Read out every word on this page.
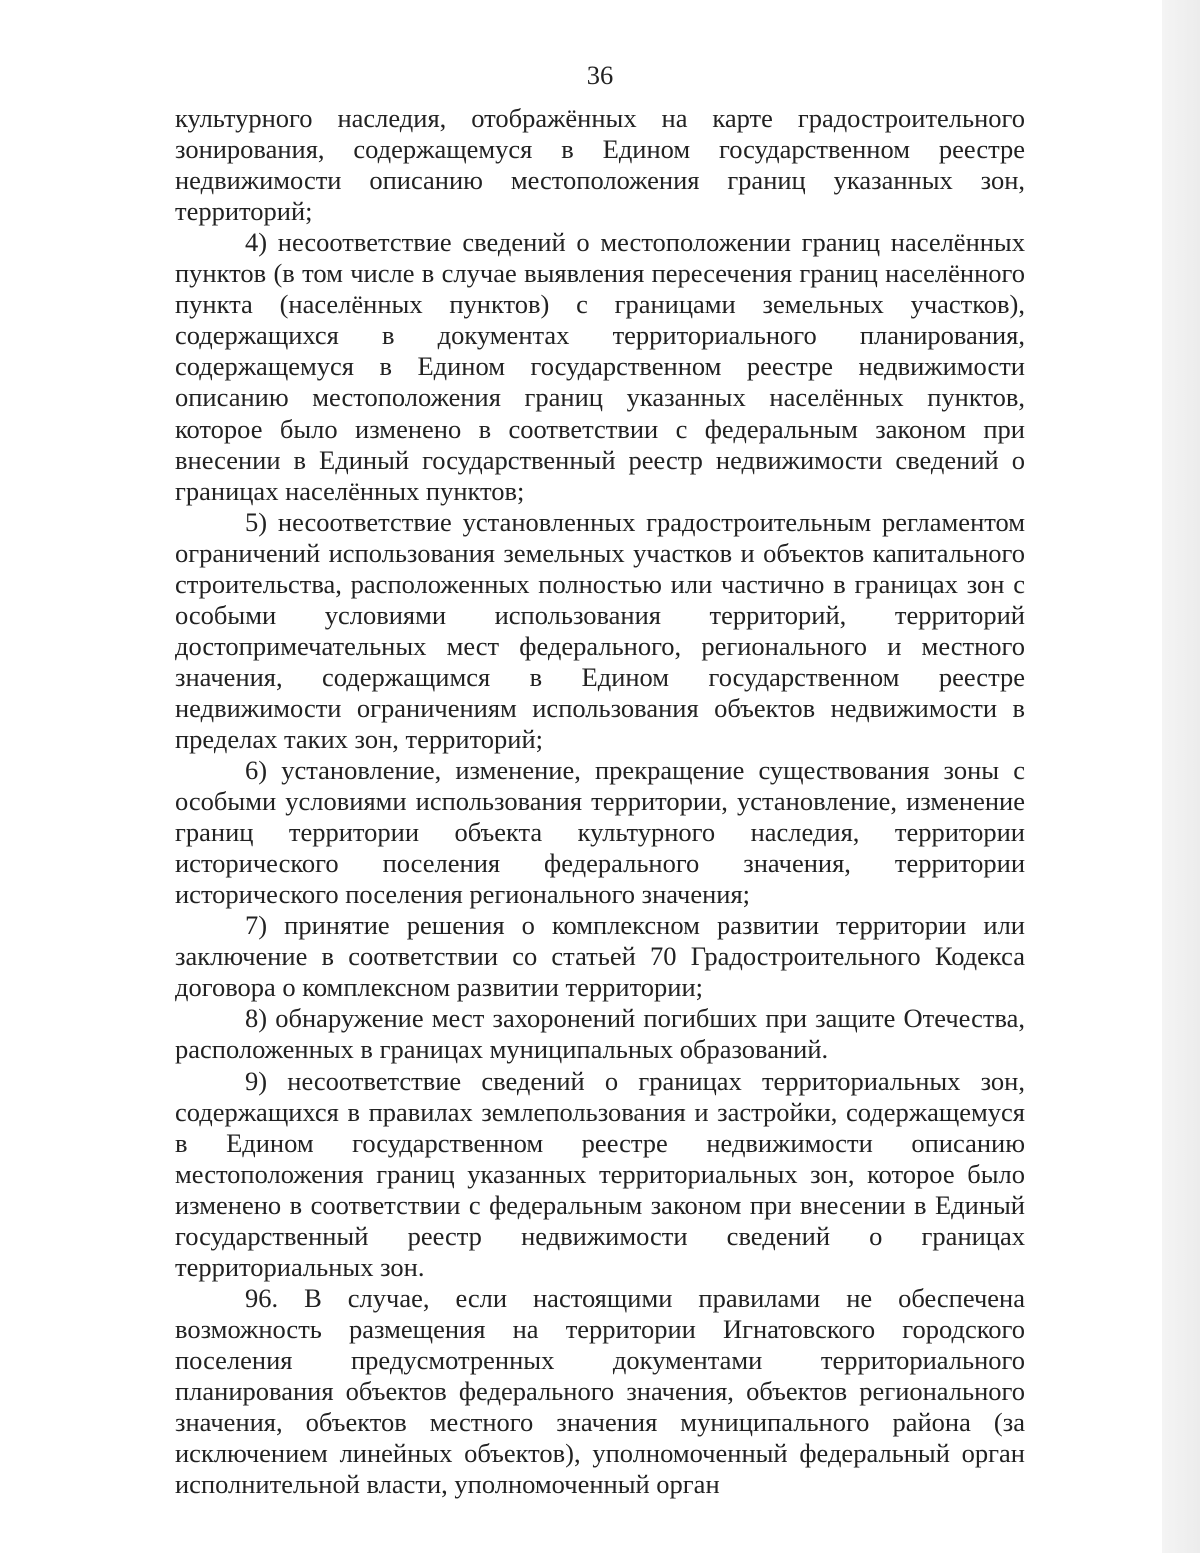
36

культурного наследия, отображённых на карте градостроительного зонирования, содержащемуся в Едином государственном реестре недвижимости описанию местоположения границ указанных зон, территорий;

4) несоответствие сведений о местоположении границ населённых пунктов (в том числе в случае выявления пересечения границ населённого пункта (населённых пунктов) с границами земельных участков), содержащихся в документах территориального планирования, содержащемуся в Едином государственном реестре недвижимости описанию местоположения границ указанных населённых пунктов, которое было изменено в соответствии с федеральным законом при внесении в Единый государственный реестр недвижимости сведений о границах населённых пунктов;

5) несоответствие установленных градостроительным регламентом ограничений использования земельных участков и объектов капитального строительства, расположенных полностью или частично в границах зон с особыми условиями использования территорий, территорий достопримечательных мест федерального, регионального и местного значения, содержащимся в Едином государственном реестре недвижимости ограничениям использования объектов недвижимости в пределах таких зон, территорий;

6) установление, изменение, прекращение существования зоны с особыми условиями использования территории, установление, изменение границ территории объекта культурного наследия, территории исторического поселения федерального значения, территории исторического поселения регионального значения;

7) принятие решения о комплексном развитии территории или заключение в соответствии со статьей 70 Градостроительного Кодекса договора о комплексном развитии территории;

8) обнаружение мест захоронений погибших при защите Отечества, расположенных в границах муниципальных образований.

9) несоответствие сведений о границах территориальных зон, содержащихся в правилах землепользования и застройки, содержащемуся в Едином государственном реестре недвижимости описанию местоположения границ указанных территориальных зон, которое было изменено в соответствии с федеральным законом при внесении в Единый государственный реестр недвижимости сведений о границах территориальных зон.

96. В случае, если настоящими правилами не обеспечена возможность размещения на территории Игнатовского городского поселения предусмотренных документами территориального планирования объектов федерального значения, объектов регионального значения, объектов местного значения муниципального района (за исключением линейных объектов), уполномоченный федеральный орган исполнительной власти, уполномоченный орган
